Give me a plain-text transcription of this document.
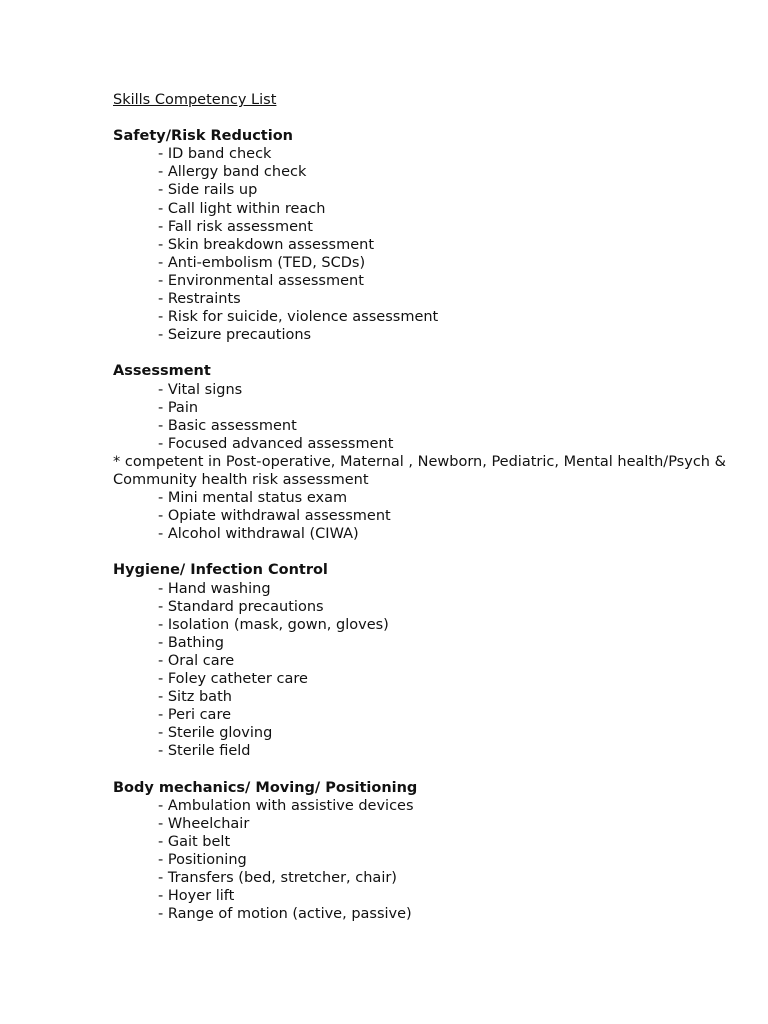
Skills Competency List
Safety/Risk Reduction
- ID band check
- Allergy band check
- Side rails up
- Call light within reach
- Fall risk assessment
- Skin breakdown assessment
- Anti-embolism (TED, SCDs)
- Environmental assessment
- Restraints
- Risk for suicide, violence assessment
- Seizure precautions
Assessment
- Vital signs
- Pain
- Basic assessment
- Focused advanced assessment
* competent in Post-operative, Maternal , Newborn, Pediatric, Mental health/Psych & Community health risk assessment
- Mini mental status exam
- Opiate withdrawal assessment
- Alcohol withdrawal (CIWA)
Hygiene/ Infection Control
- Hand washing
- Standard precautions
- Isolation (mask, gown, gloves)
- Bathing
- Oral care
- Foley catheter care
- Sitz bath
- Peri care
- Sterile gloving
- Sterile field
Body mechanics/ Moving/ Positioning
- Ambulation with assistive devices
- Wheelchair
- Gait belt
- Positioning
- Transfers (bed, stretcher, chair)
- Hoyer lift
- Range of motion (active, passive)
